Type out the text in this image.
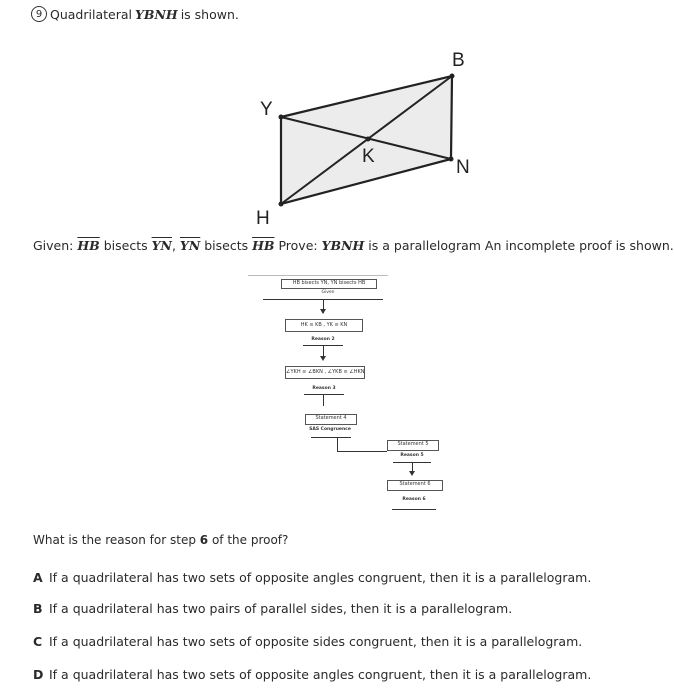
9 Quadrilateral YBNH is shown.
Y
B
N
H
K
Given: $\overline{HB}$ bisects $\overline{YN}$, $\overline{YN}$ bisects $\overline{HB}$ Prove: YBNH is a parallelogram An incomplete proof is shown.
HB bisects YN, YN bisects HB
Given
HK ≅ KB , YK ≅ KN
Reason 2
∠YKH ≅ ∠BKN , ∠YKB ≅ ∠HKN
Reason 3
Statement 4
SAS Congruence
Statement 5
Reason 5
Statement 6
Reason 6
What is the reason for step 6 of the proof?
A If a quadrilateral has two sets of opposite angles congruent, then it is a parallelogram.
B If a quadrilateral has two pairs of parallel sides, then it is a parallelogram.
C If a quadrilateral has two sets of opposite sides congruent, then it is a parallelogram.
D If a quadrilateral has two sets of opposite angles congruent, then it is a parallelogram.
